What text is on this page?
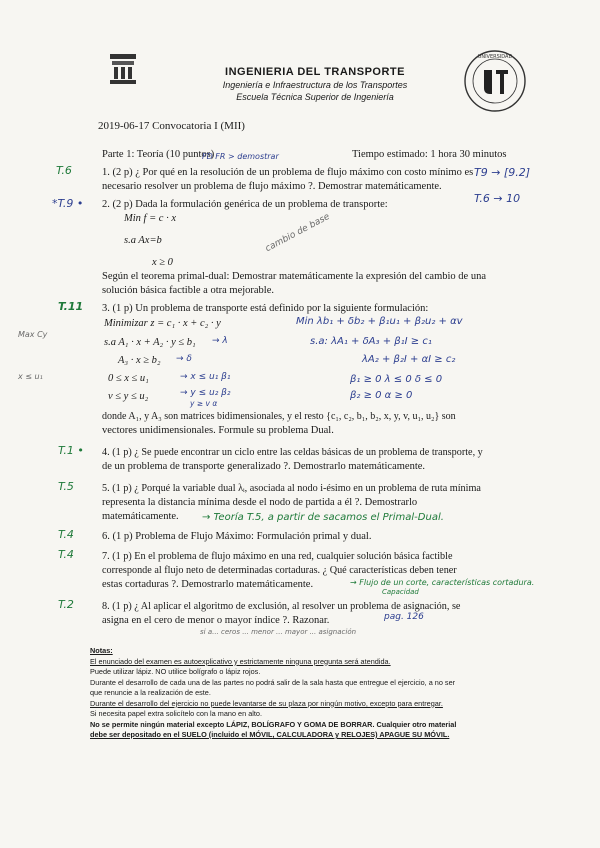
INGENIERIA DEL TRANSPORTE
Ingeniería e Infraestructura de los Transportes
Escuela Técnica Superior de Ingeniería
UNIVERSIDAD
2019-06-17 Convocatoria I (MII)
Parte 1: Teoría (10 puntos)	Tiempo estimado: 1 hora 30 minutos
1. (2 p) ¿ Por qué en la resolución de un problema de flujo máximo con costo mínimo es
necesario resolver un problema de flujo máximo ?. Demostrar matemáticamente.
2. (2 p) Dada la formulación genérica de un problema de transporte:
Min f = c · x
s.a Ax=b
x ≥ 0
Según el teorema primal-dual: Demostrar matemáticamente la expresión del cambio de una
solución básica factible a otra mejorable.
3. (1 p) Un problema de transporte está definido por la siguiente formulación:
Minimizar z = c₁ · x + c₂ · y
s.a A₁ · x + A₂ · y ≤ b₁
A₃ · x ≥ b₂
0 ≤ x ≤ u₁
v ≤ y ≤ u₂
donde A₁, y A₃ son matrices bidimensionales, y el resto {c₁, c₂, b₁, b₂, x, y, v, u₁, u₂} son
vectores unidimensionales. Formule su problema Dual.
4. (1 p) ¿ Se puede encontrar un ciclo entre las celdas básicas de un problema de transporte, y
de un problema de transporte generalizado ?. Demostrarlo matemáticamente.
5. (1 p) ¿ Porqué la variable dual λᵢ, asociada al nodo i-ésimo en un problema de ruta mínima
representa la distancia mínima desde el nodo de partida a él ?. Demostrarlo
matemáticamente.
6. (1 p) Problema de Flujo Máximo: Formulación primal y dual.
7. (1 p) En el problema de flujo máximo en una red, cualquier solución básica factible
corresponde al flujo neto de determinadas cortaduras. ¿ Qué características deben tener
estas cortaduras ?. Demostrarlo matemáticamente.
8. (1 p) ¿ Al aplicar el algoritmo de exclusión, al resolver un problema de asignación, se
asigna en el cero de menor o mayor índice ?. Razonar.
Notas:
El enunciado del examen es autoexplicativo y estrictamente ninguna pregunta será atendida.
Puede utilizar lápiz. NO utilice bolígrafo o lápiz rojos.
Durante el desarrollo de cada una de las partes no podrá salir de la sala hasta que entregue el ejercicio, a no ser
que renuncie a la realización de este.
Durante el desarrollo del ejercicio no puede levantarse de su plaza por ningún motivo, excepto para entregar.
Si necesita papel extra solicítelo con la mano en alto.
No se permite ningún material excepto LÁPIZ, BOLÍGRAFO Y GOMA DE BORRAR. Cualquier otro material
debe ser depositado en el SUELO (incluido el MÓVIL, CALCULADORA y RELOJES) APAGUE SU MÓVIL.
T.6
*T.9 •
T.11
T.1 •
T.5
T.4
T.4
T.2
FD FR > demostrar
T9 → [9.2]
T.6 → 10
cambio de base
Min λb₁ + δb₂ + β₁u₁ + β₂u₂ + αv
s.a: λA₁ + δA₃ + β₁I ≥ c₁
λA₂ + β₂I + αI ≥ c₂
β₁ ≥ 0 λ ≤ 0 δ ≤ 0
β₂ ≥ 0 α ≥ 0
→ λ
→ δ
→ x ≤ u₁ β₁
→ y ≤ u₂ β₂
y ≥ v α
Max Cy
x ≤ u₁
→ Teoría T.5, a partir de sacamos el Primal-Dual.
→ Flujo de un corte, características cortadura.
Capacidad
pag. 126
si a... ceros ... menor ... mayor ... asignación
